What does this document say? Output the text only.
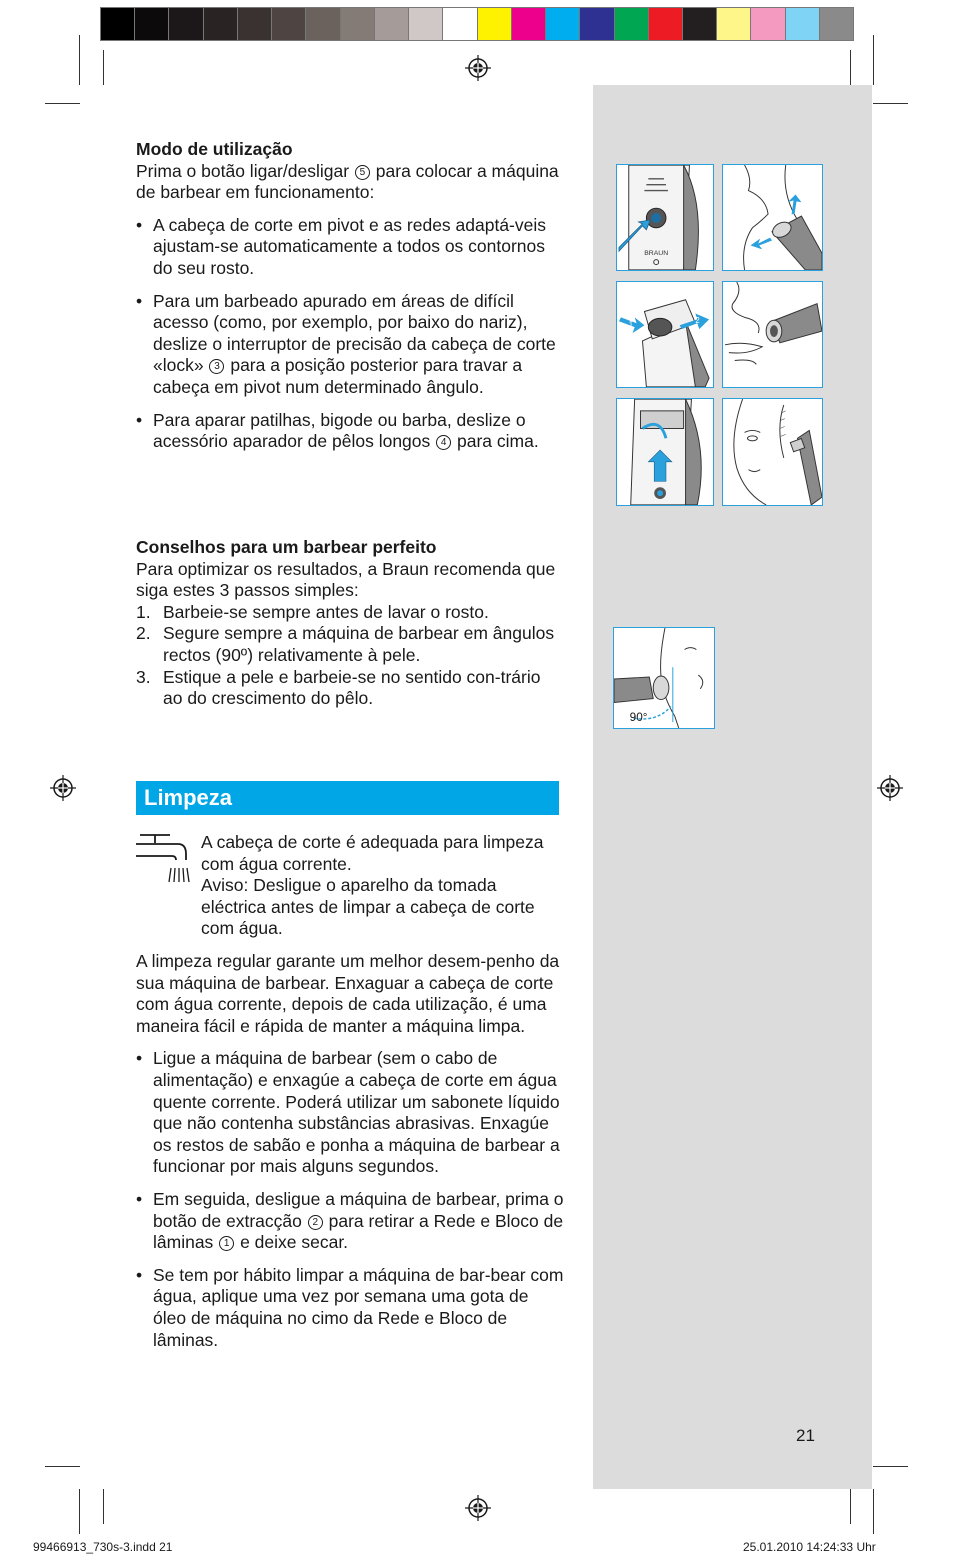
Modo de utilização

Prima o botão ligar/desligar 5 para colocar a máquina de barbear em funcionamento:

• A cabeça de corte em pivot e as redes adaptá-veis ajustam-se automaticamente a todos os contornos do seu rosto.

• Para um barbeado apurado em áreas de difícil acesso (como, por exemplo, por baixo do nariz), deslize o interruptor de precisão da cabeça de corte «lock» 3 para a posição posterior para travar a cabeça em pivot num determinado ângulo.

• Para aparar patilhas, bigode ou barba, deslize o acessório aparador de pêlos longos 4 para cima.

Conselhos para um barbear perfeito

Para optimizar os resultados, a Braun recomenda que siga estes 3 passos simples:

1. Barbeie-se sempre antes de lavar o rosto.

2. Segure sempre a máquina de barbear em ângulos rectos (90º) relativamente à pele.

3. Estique a pele e barbeie-se no sentido con-trário ao do crescimento do pêlo.

Limpeza

A cabeça de corte é adequada para limpeza com água corrente.

Aviso: Desligue o aparelho da tomada eléctrica antes de limpar a cabeça de corte com água.

A limpeza regular garante um melhor desem-penho da sua máquina de barbear. Enxaguar a cabeça de corte com água corrente, depois de cada utilização, é uma maneira fácil e rápida de manter a máquina limpa.

• Ligue a máquina de barbear (sem o cabo de alimentação) e enxagúe a cabeça de corte em água quente corrente. Poderá utilizar um sabonete líquido que não contenha substâncias abrasivas. Enxagúe os restos de sabão e ponha a máquina de barbear a funcionar por mais alguns segundos.

• Em seguida, desligue a máquina de barbear, prima o botão de extracção 2 para retirar a Rede e Bloco de lâminas 1 e deixe secar.

• Se tem por hábito limpar a máquina de bar-bear com água, aplique uma vez por semana uma gota de óleo de máquina no cimo da Rede e Bloco de lâminas.

BRAUN
1	2
90°
21
99466913_730s-3.indd 21	25.01.2010 14:24:33 Uhr
